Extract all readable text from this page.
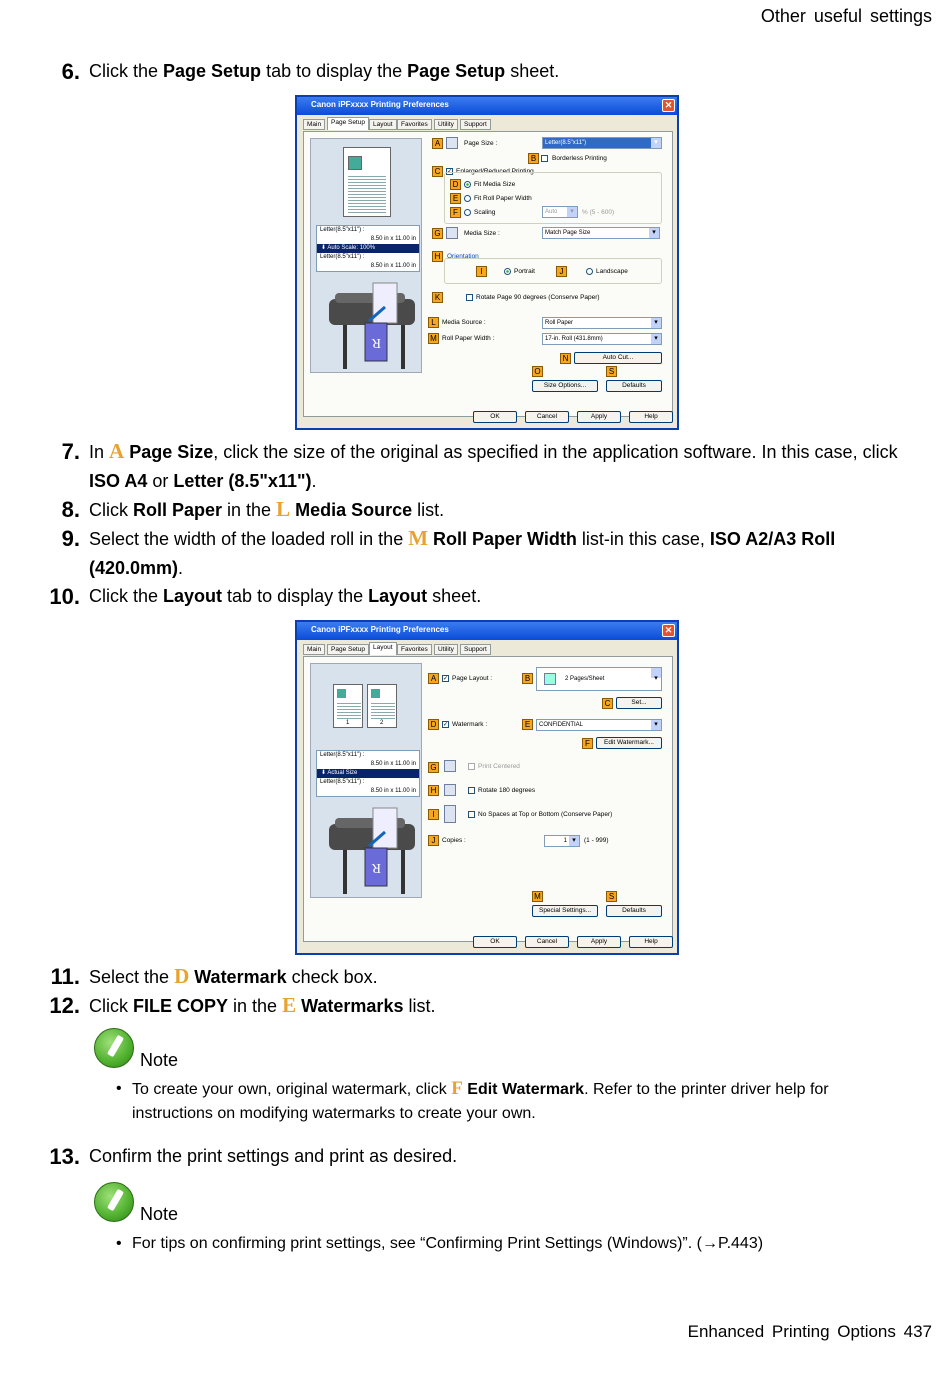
Other useful settings
6. Click the Page Setup tab to display the Page Setup sheet.
Canon iPFxxxx Printing Preferences	✕
Main	Page Setup	Layout	Favorites	Utility	Support
Letter(8.5"x11") :
8.50 in x 11.00 in
⬇ Auto Scale: 100%
Letter(8.5"x11") :
8.50 in x 11.00 in
R
A	Page Size :	Letter(8.5"x11") ▾
B	Borderless Printing
C	✓ Enlarged/Reduced Printing
D	Fit Media Size
E	Fit Roll Paper Width
F	Scaling	Auto ▾	% (5 - 600)
G	Media Size :	Match Page Size ▾
H	Orientation
I	Portrait	J	Landscape
K	Rotate Page 90 degrees (Conserve Paper)
L Media Source :	Roll Paper ▾
M Roll Paper Width :	17-in. Roll (431.8mm) ▾
N	Auto Cut...
O	S
Size Options...	Defaults
OK	Cancel	Apply	Help
7. In A Page Size, click the size of the original as specified in the application software. In this case, click ISO A4 or Letter (8.5"x11").
8. Click Roll Paper in the L Media Source list.
9. Select the width of the loaded roll in the M Roll Paper Width list-in this case, ISO A2/A3 Roll (420.0mm).
10. Click the Layout tab to display the Layout sheet.
Canon iPFxxxx Printing Preferences	✕
Main	Page Setup	Layout	Favorites	Utility	Support
1	2
Letter(8.5"x11") :
8.50 in x 11.00 in
⬇ Actual Size
Letter(8.5"x11") :
8.50 in x 11.00 in
R
A	✓ Page Layout :	B	2 Pages/Sheet ▾
C	Set...
D	✓ Watermark :	E	CONFIDENTIAL ▾
F	Edit Watermark...
G	Print Centered
H	Rotate 180 degrees
I	No Spaces at Top or Bottom (Conserve Paper)
J	Copies :	1 ▾	(1 - 999)
M	S
Special Settings...	Defaults
OK	Cancel	Apply	Help
11. Select the D Watermark check box.
12. Click FILE COPY in the E Watermarks list.
Note
• To create your own, original watermark, click F Edit Watermark. Refer to the printer driver help for instructions on modifying watermarks to create your own.
13. Confirm the print settings and print as desired.
Note
• For tips on confirming print settings, see “Confirming Print Settings (Windows)”. (→P.443)
Enhanced Printing Options 437
